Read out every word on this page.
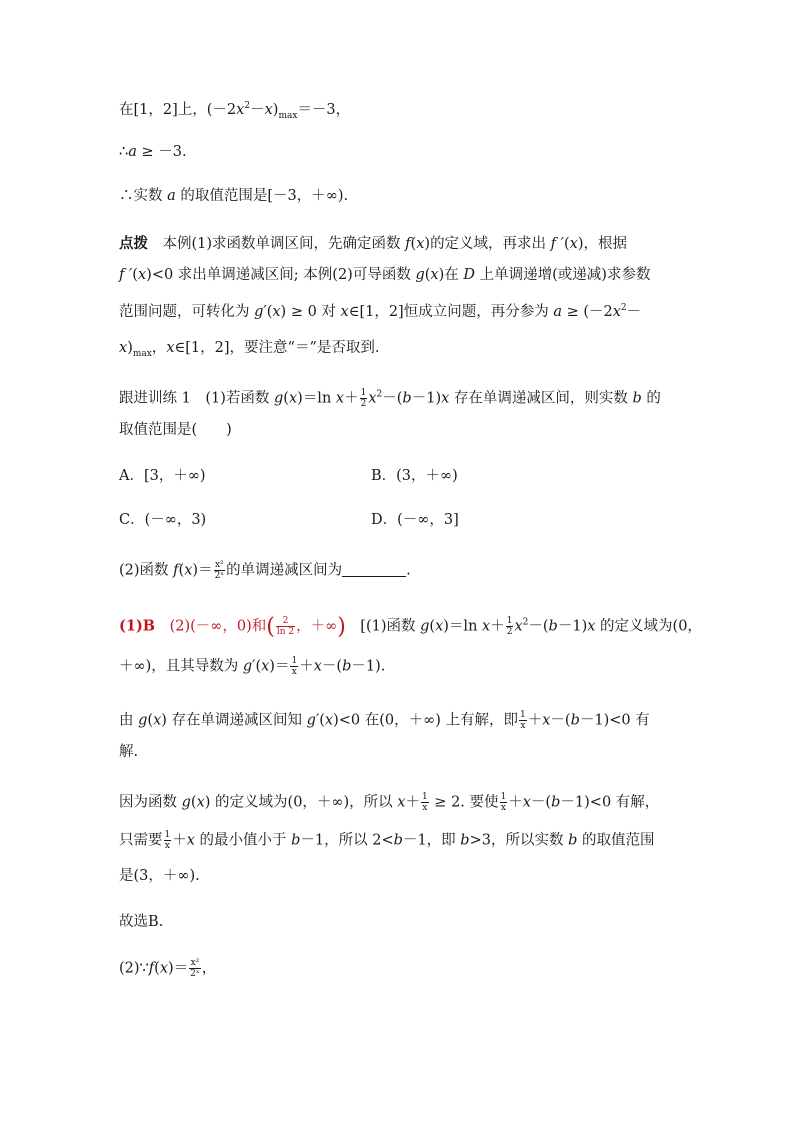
在[1，2]上，$(-2x^2-x)_{max}=-3$，
∴a ≥ －3.
∴实数 a 的取值范围是[－3，＋∞).
点拨　本例(1)求函数单调区间，先确定函数 f(x)的定义域，再求出 f ′(x)，根据
f ′(x)<0 求出单调递减区间; 本例(2)可导函数 g(x)在 D 上单调递增(或递减)求参数
范围问题，可转化为 g′(x) ≥ 0 对 x∈[1，2]恒成立问题，再分参为 $a \ge (-2x^2-$
$x)_{max}$，x∈[1，2]，要注意“＝”是否取到.
跟进训练 1　(1)若函数 g(x)＝ln $x+ \frac{1}{2} x^2-(b-1)x$ 存在单调递减区间，则实数 b 的
取值范围是(　　)
A．[3，＋∞)	B．(3，＋∞)
C．(－∞，3)	D．(－∞，3]
(2)函数 $f(x)= \frac{\text{x²}}{\text{2ˣ}}$ 的单调递减区间为	.
(1)B　(2)(－∞，0)和( $\frac{2}{\ln 2}$ ，＋∞)　[(1)函数 g(x)＝ln $x+ \frac{1}{2} x^2-(b-1)x$ 的定义域为(0，
＋∞)，且其导数为 $g'(x)= \frac{1}{x} +x-(b-1)$.
由 g(x) 存在单调递减区间知 g′(x)<0 在(0，＋∞) 上有解，即 $\frac{1}{x} +x-(b-1)<0$ 有
解.
因为函数 g(x) 的定义域为(0，＋∞)，所以 $x+ \frac{1}{x} \ge 2$. 要使 $\frac{1}{x} +x-(b-1)<0$ 有解，
只需要 $\frac{1}{x} +x$ 的最小值小于 b－1，所以 2<b－1，即 b>3，所以实数 b 的取值范围
是(3，＋∞).
故选B.
(2)∵f(x)＝ $\frac{\text{x²}}{\text{2ˣ}}$ ，
